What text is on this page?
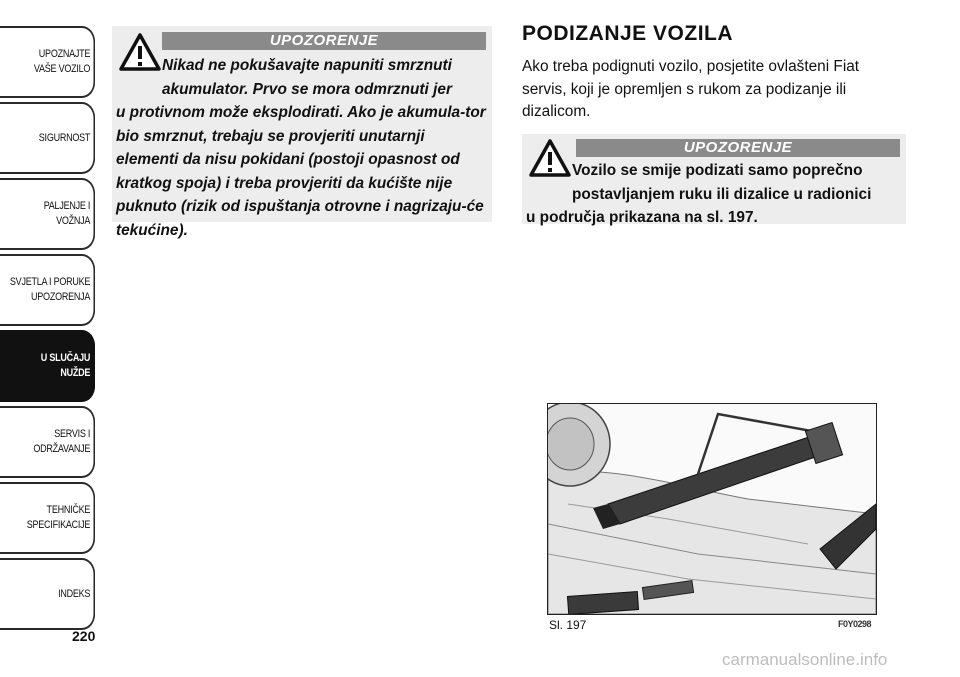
UPOZNAJTE
VAŠE VOZILO
SIGURNOST
PALJENJE I
VOŽNJA
SVJETLA I PORUKE
UPOZORENJA
U SLUČAJU
NUŽDE
SERVIS I
ODRŽAVANJE
TEHNIČKE
SPECIFIKACIJE
INDEKS
220
UPOZORENJE
Nikad ne pokušavajte napuniti smrznuti
akumulator. Prvo se mora odmrznuti jer
u protivnom može eksplodirati. Ako je akumula-tor bio smrznut, trebaju se provjeriti unutarnji elementi da nisu pokidani (postoji opasnost od kratkog spoja) i treba provjeriti da kućište nije puknuto (rizik od ispuštanja otrovne i nagrizaju-će tekućine).
PODIZANJE VOZILA
Ako treba podignuti vozilo, posjetite ovlašteni Fiat servis, koji je opremljen s rukom za podizanje ili dizalicom.
UPOZORENJE
Vozilo se smije podizati samo poprečno
postavljanjem ruku ili dizalice u radionici
u područja prikazana na sl. 197.
Sl. 197	F0Y0298
carmanualsonline.info
